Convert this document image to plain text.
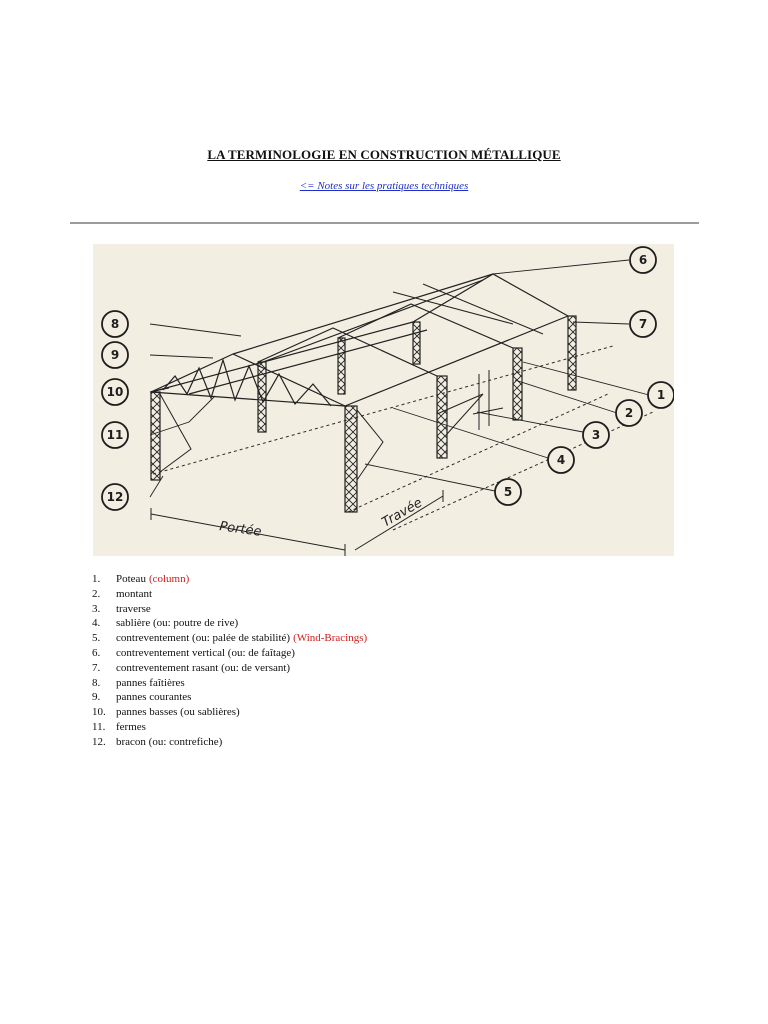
LA TERMINOLOGIE EN CONSTRUCTION MÉTALLIQUE
<= Notes sur les pratiques techniques
Portée	Travée
8
9
10
11
12
6
7
1
2
3
4
5
1.	Poteau (column)
2.	montant
3.	traverse
4.	sablière (ou: poutre de rive)
5.	contreventement (ou: palée de stabilité) (Wind-Bracings)
6.	contreventement vertical (ou: de faîtage)
7.	contreventement rasant (ou: de versant)
8.	pannes faîtières
9.	pannes courantes
10. pannes basses (ou sablières)
11. fermes
12. bracon (ou: contrefiche)
